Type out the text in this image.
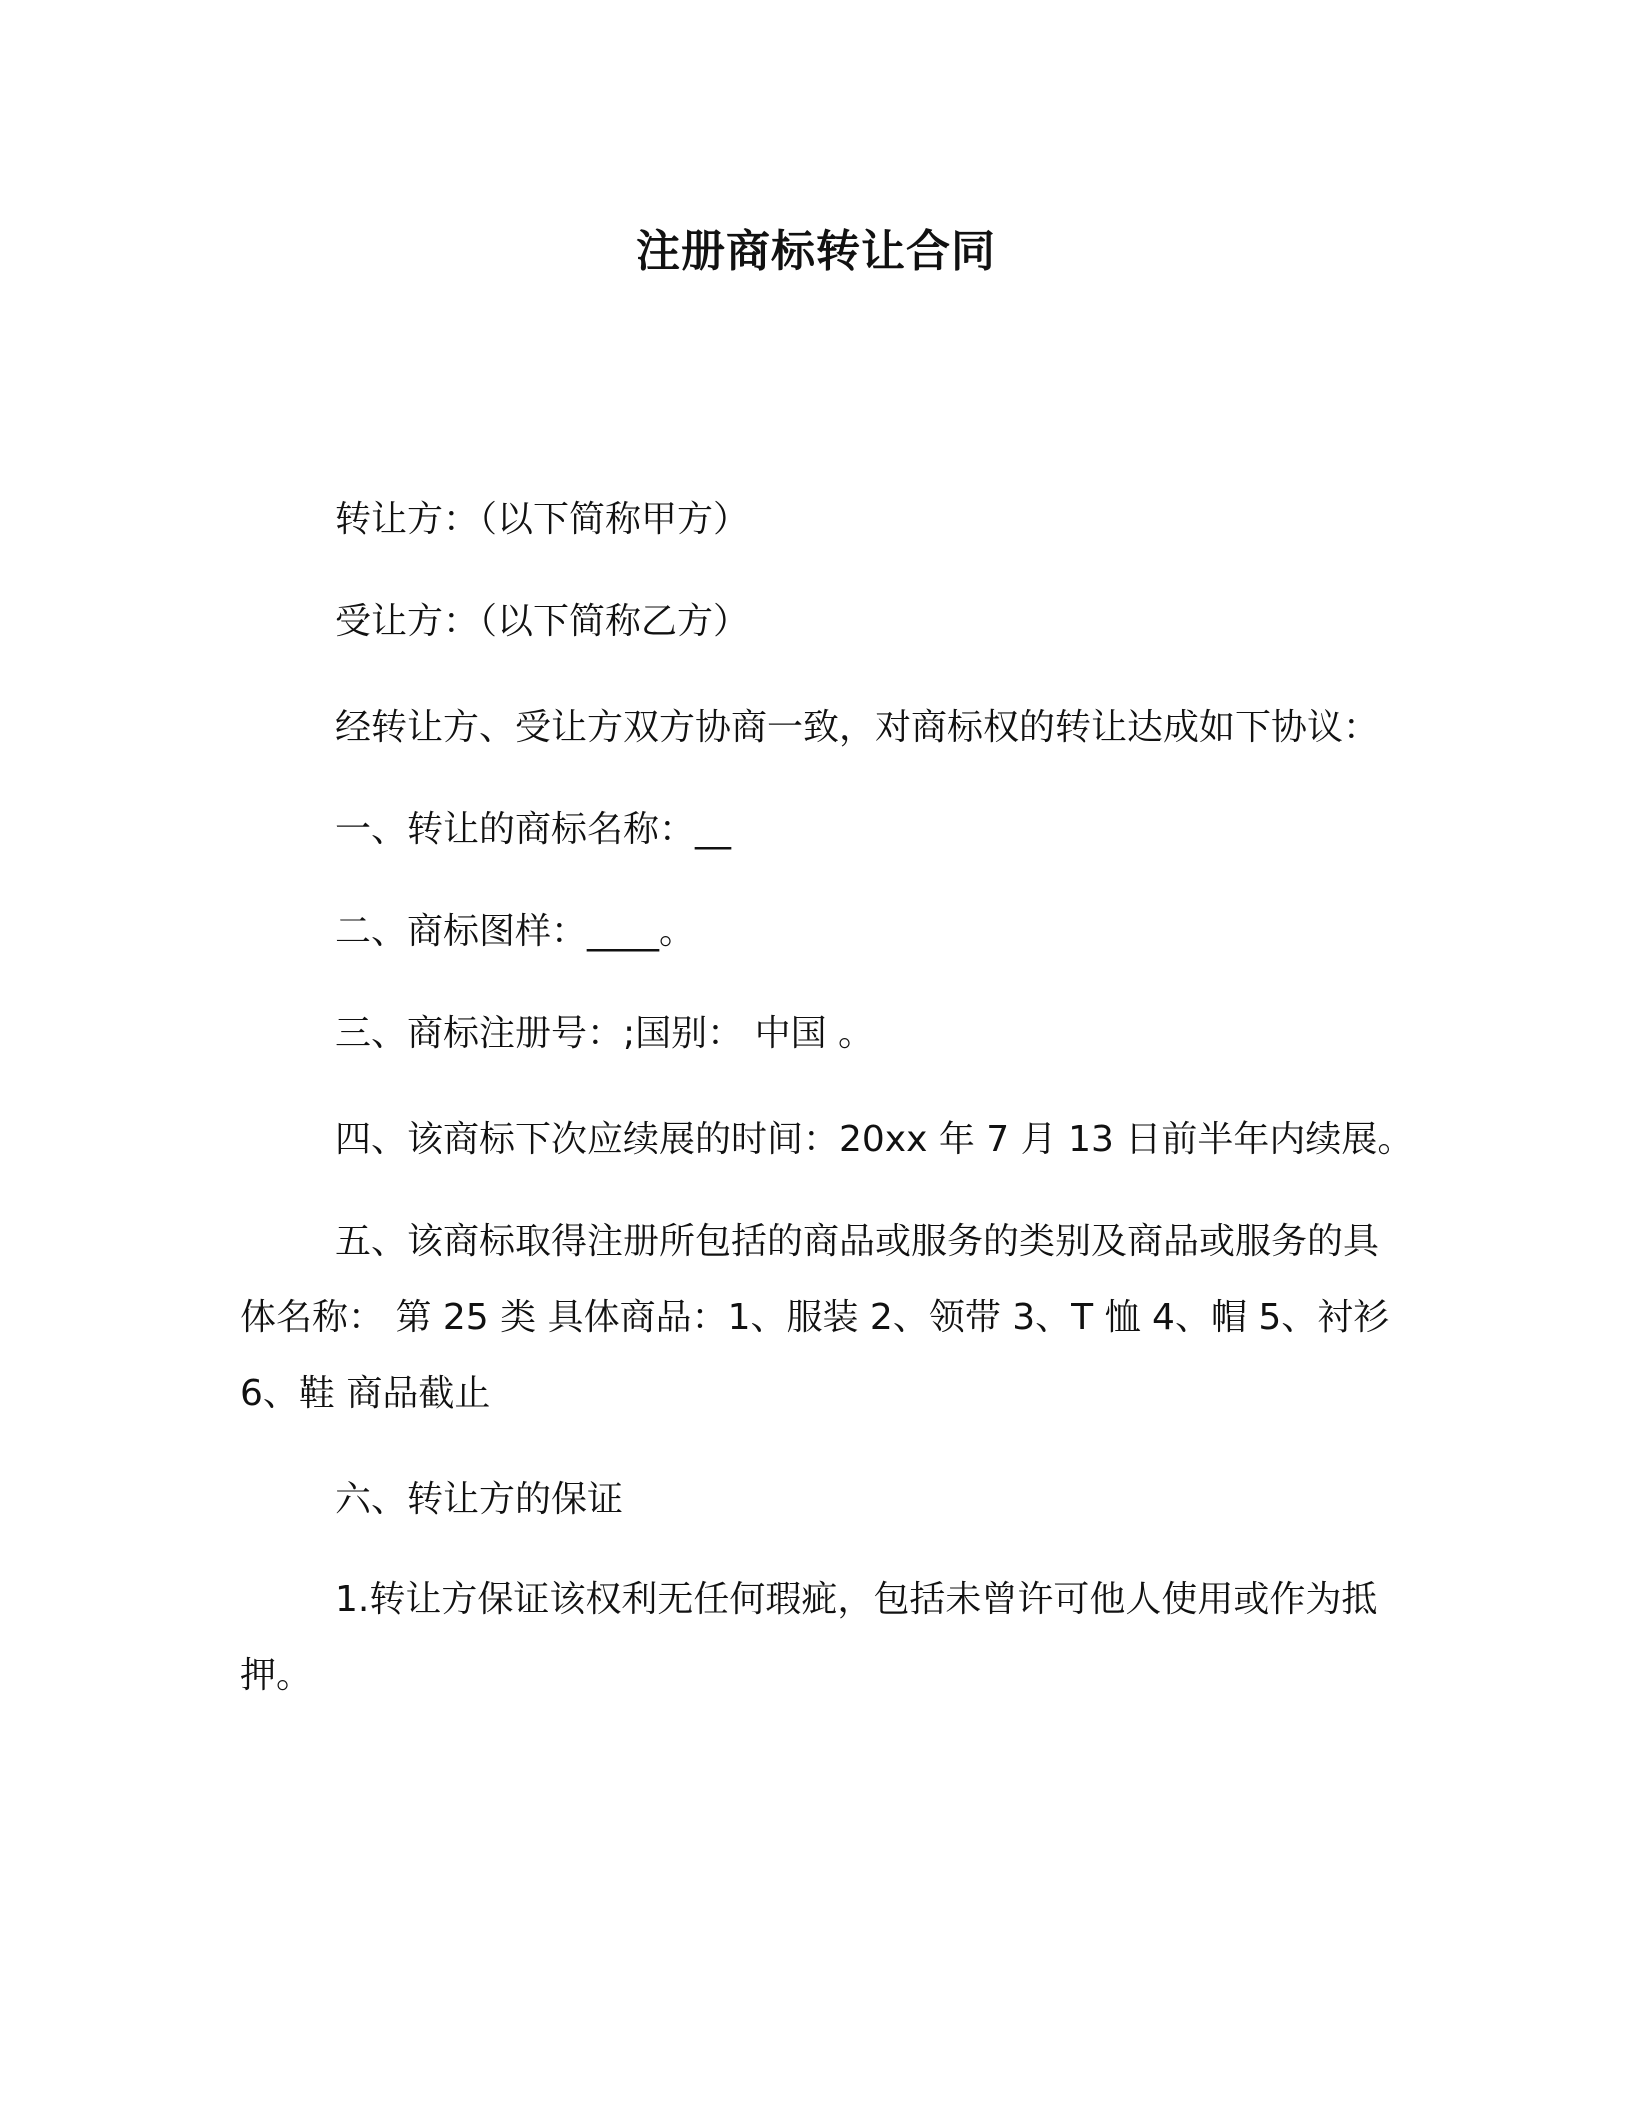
注册商标转让合同

转让方：（以下简称甲方）

受让方：（以下简称乙方）

经转让方、受让方双方协商一致，对商标权的转让达成如下协议：

一、转让的商标名称：__

二、商标图样：____。

三、商标注册号：;国别： 中国 。

四、该商标下次应续展的时间：20xx 年 7 月 13 日前半年内续展。

五、该商标取得注册所包括的商品或服务的类别及商品或服务的具体名称： 第 25 类 具体商品：1、服装 2、领带 3、T 恤 4、帽 5、衬衫 6、鞋 商品截止

六、转让方的保证

1.转让方保证该权利无任何瑕疵，包括未曾许可他人使用或作为抵押。
